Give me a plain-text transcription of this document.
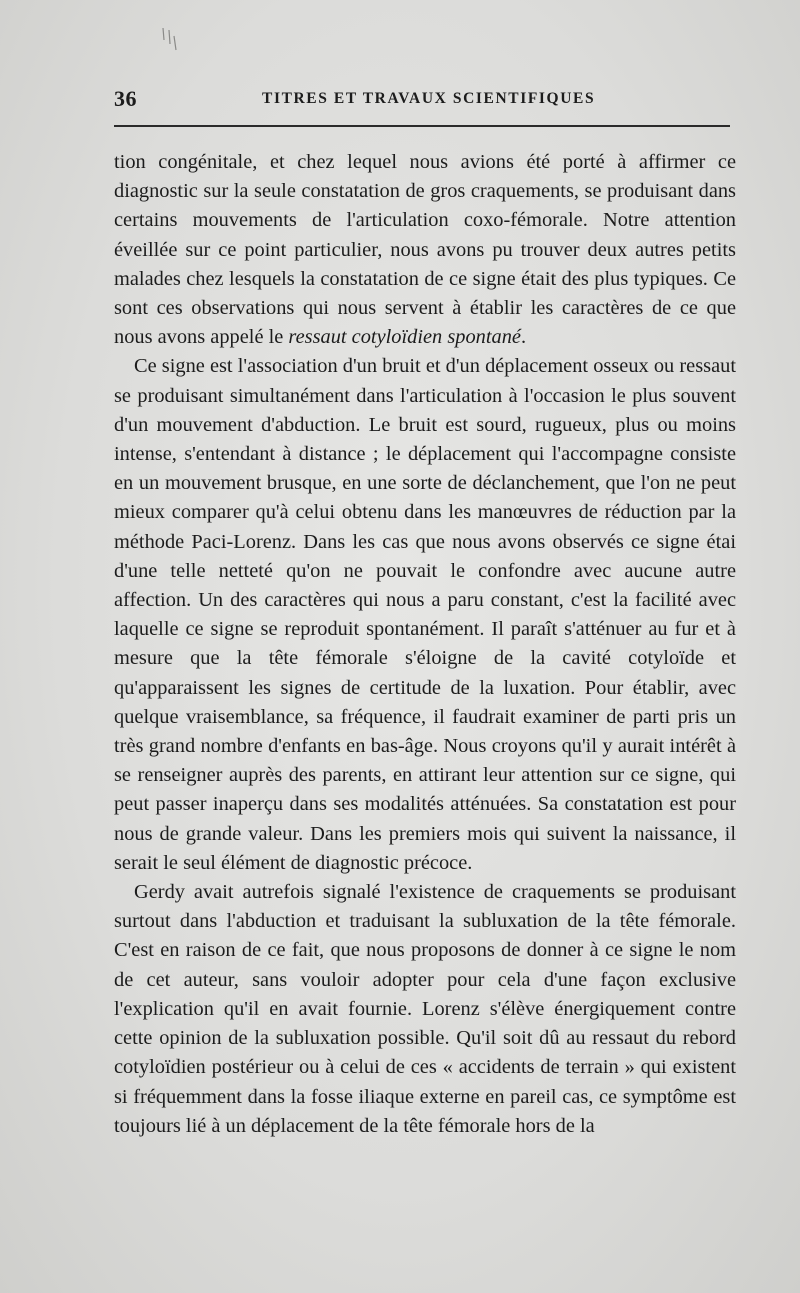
36	TITRES ET TRAVAUX SCIENTIFIQUES

tion congénitale, et chez lequel nous avions été porté à affirmer ce diagnostic sur la seule constatation de gros craquements, se produisant dans certains mouvements de l'articulation coxo-fémorale. Notre attention éveillée sur ce point particulier, nous avons pu trouver deux autres petits malades chez lesquels la constatation de ce signe était des plus typiques. Ce sont ces observations qui nous servent à établir les caractères de ce que nous avons appelé le ressaut cotyloïdien spontané.

Ce signe est l'association d'un bruit et d'un déplacement osseux ou ressaut se produisant simultanément dans l'articulation à l'occasion le plus souvent d'un mouvement d'abduction. Le bruit est sourd, rugueux, plus ou moins intense, s'entendant à distance ; le déplacement qui l'accompagne consiste en un mouvement brusque, en une sorte de déclanchement, que l'on ne peut mieux comparer qu'à celui obtenu dans les manœuvres de réduction par la méthode Paci-Lorenz. Dans les cas que nous avons observés ce signe étai d'une telle netteté qu'on ne pouvait le confondre avec aucune autre affection. Un des caractères qui nous a paru constant, c'est la facilité avec laquelle ce signe se reproduit spontanément. Il paraît s'atténuer au fur et à mesure que la tête fémorale s'éloigne de la cavité cotyloïde et qu'apparaissent les signes de certitude de la luxation. Pour établir, avec quelque vraisemblance, sa fréquence, il faudrait examiner de parti pris un très grand nombre d'enfants en bas-âge. Nous croyons qu'il y aurait intérêt à se renseigner auprès des parents, en attirant leur attention sur ce signe, qui peut passer inaperçu dans ses modalités atténuées. Sa constatation est pour nous de grande valeur. Dans les premiers mois qui suivent la naissance, il serait le seul élément de diagnostic précoce.

Gerdy avait autrefois signalé l'existence de craquements se produisant surtout dans l'abduction et traduisant la subluxation de la tête fémorale. C'est en raison de ce fait, que nous proposons de donner à ce signe le nom de cet auteur, sans vouloir adopter pour cela d'une façon exclusive l'explication qu'il en avait fournie. Lorenz s'élève énergiquement contre cette opinion de la subluxation possible. Qu'il soit dû au ressaut du rebord cotyloïdien postérieur ou à celui de ces « accidents de terrain » qui existent si fréquemment dans la fosse iliaque externe en pareil cas, ce symptôme est toujours lié à un déplacement de la tête fémorale hors de la
